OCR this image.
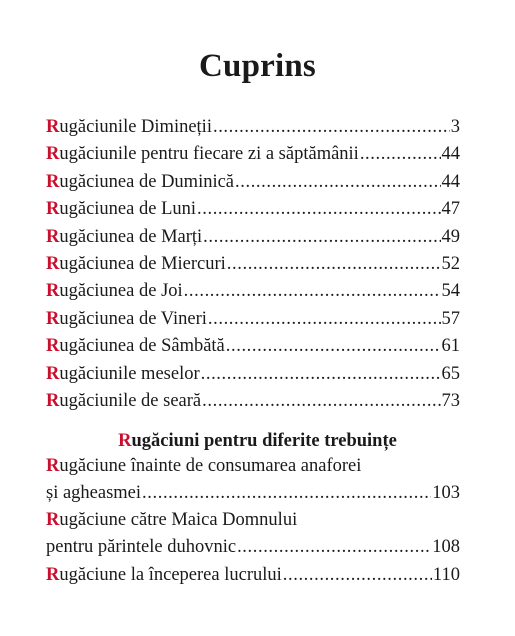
Cuprins
Rugăciunile Dimineții .....	3
Rugăciunile pentru fiecare zi a săptămânii .....	44
Rugăciunea de Duminică .....	44
Rugăciunea de Luni .....	47
Rugăciunea de Marți .....	49
Rugăciunea de Miercuri .....	52
Rugăciunea de Joi .....	54
Rugăciunea de Vineri .....	57
Rugăciunea de Sâmbătă .....	61
Rugăciunile meselor .....	65
Rugăciunile de seară .....	73
Rugăciuni pentru diferite trebuințe
Rugăciune înainte de consumarea anaforei
și agheasmei .....	103
Rugăciune către Maica Domnului
pentru părintele duhovnic .....	108
Rugăciune la începerea lucrului .....	110
